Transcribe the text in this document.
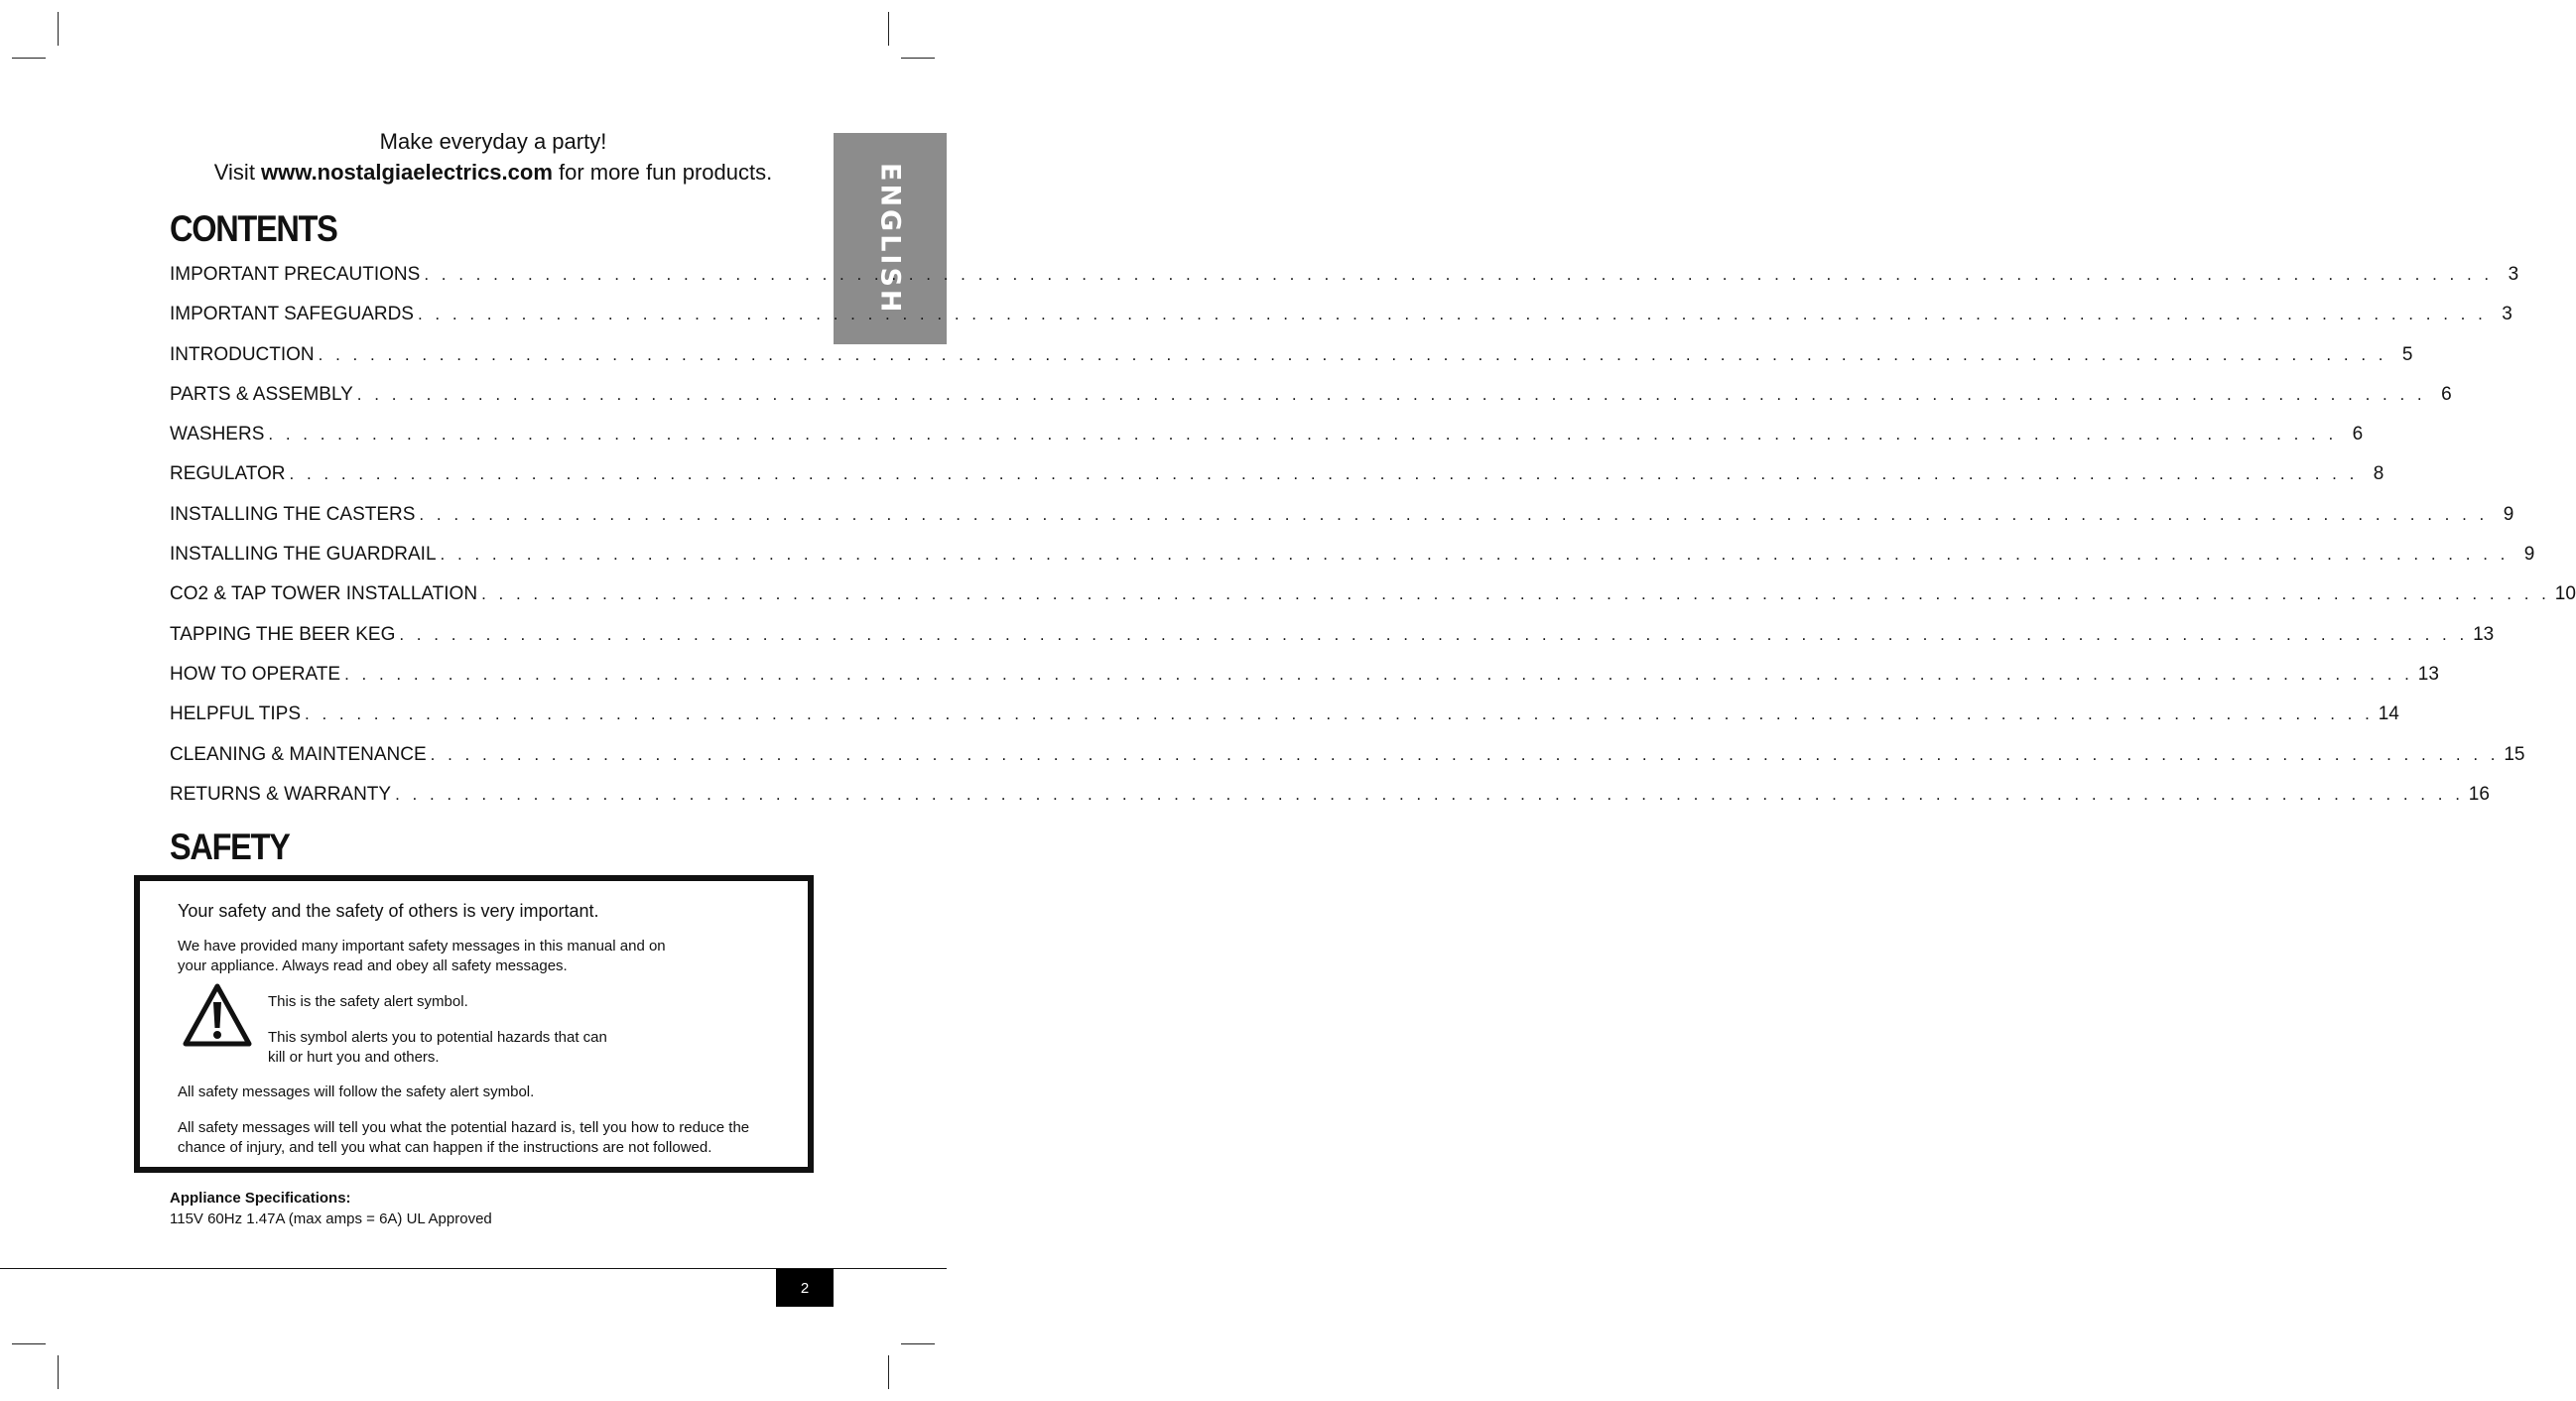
ENGLISH
Make everyday a party!
Visit www.nostalgiaelectrics.com for more fun products.
CONTENTS
IMPORTANT PRECAUTIONS . . . . . . . . . . . . . . . . . . . . . . . . . . . . . . . . . . . . . . . . . . . . . . . . . . . . . . . . . . . . . . . . . . . . . . . . . . . . . . . . . . . . . . . . . . . . . . . . . . . . . . . . . . . . . . . . . . . . . . . . 3
IMPORTANT SAFEGUARDS . . . . . . . . . . . . . . . . . . . . . . . . . . . . . . . . . . . . . . . . . . . . . . . . . . . . . . . . . . . . . . . . . . . . . . . . . . . . . . . . . . . . . . . . . . . . . . . . . . . . . . . . . . . . . . . . . . . . . . . . 3
INTRODUCTION . . . . . . . . . . . . . . . . . . . . . . . . . . . . . . . . . . . . . . . . . . . . . . . . . . . . . . . . . . . . . . . . . . . . . . . . . . . . . . . . . . . . . . . . . . . . . . . . . . . . . . . . . . . . . . . . . . . . . . . . 5
PARTS & ASSEMBLY . . . . . . . . . . . . . . . . . . . . . . . . . . . . . . . . . . . . . . . . . . . . . . . . . . . . . . . . . . . . . . . . . . . . . . . . . . . . . . . . . . . . . . . . . . . . . . . . . . . . . . . . . . . . . . . . . . . . . . . . 6
WASHERS . . . . . . . . . . . . . . . . . . . . . . . . . . . . . . . . . . . . . . . . . . . . . . . . . . . . . . . . . . . . . . . . . . . . . . . . . . . . . . . . . . . . . . . . . . . . . . . . . . . . . . . . . . . . . . . . . . . . . . . . 6
REGULATOR . . . . . . . . . . . . . . . . . . . . . . . . . . . . . . . . . . . . . . . . . . . . . . . . . . . . . . . . . . . . . . . . . . . . . . . . . . . . . . . . . . . . . . . . . . . . . . . . . . . . . . . . . . . . . . . . . . . . . . . . 8
INSTALLING THE CASTERS . . . . . . . . . . . . . . . . . . . . . . . . . . . . . . . . . . . . . . . . . . . . . . . . . . . . . . . . . . . . . . . . . . . . . . . . . . . . . . . . . . . . . . . . . . . . . . . . . . . . . . . . . . . . . . . . . . . . . . . . 9
INSTALLING THE GUARDRAIL . . . . . . . . . . . . . . . . . . . . . . . . . . . . . . . . . . . . . . . . . . . . . . . . . . . . . . . . . . . . . . . . . . . . . . . . . . . . . . . . . . . . . . . . . . . . . . . . . . . . . . . . . . . . . . . . . . . . . . . . 9
CO2 & TAP TOWER INSTALLATION . . . . . . . . . . . . . . . . . . . . . . . . . . . . . . . . . . . . . . . . . . . . . . . . . . . . . . . . . . . . . . . . . . . . . . . . . . . . . . . . . . . . . . . . . . . . . . . . . . . . . . . . . . . . . . . . . . . . . . . . 10
TAPPING THE BEER KEG . . . . . . . . . . . . . . . . . . . . . . . . . . . . . . . . . . . . . . . . . . . . . . . . . . . . . . . . . . . . . . . . . . . . . . . . . . . . . . . . . . . . . . . . . . . . . . . . . . . . . . . . . . . . . . . . . . . . . . . . 13
HOW TO OPERATE . . . . . . . . . . . . . . . . . . . . . . . . . . . . . . . . . . . . . . . . . . . . . . . . . . . . . . . . . . . . . . . . . . . . . . . . . . . . . . . . . . . . . . . . . . . . . . . . . . . . . . . . . . . . . . . . . . . . . . . . 13
HELPFUL TIPS . . . . . . . . . . . . . . . . . . . . . . . . . . . . . . . . . . . . . . . . . . . . . . . . . . . . . . . . . . . . . . . . . . . . . . . . . . . . . . . . . . . . . . . . . . . . . . . . . . . . . . . . . . . . . . . . . . . . . . . . 14
CLEANING & MAINTENANCE . . . . . . . . . . . . . . . . . . . . . . . . . . . . . . . . . . . . . . . . . . . . . . . . . . . . . . . . . . . . . . . . . . . . . . . . . . . . . . . . . . . . . . . . . . . . . . . . . . . . . . . . . . . . . . . . . . . . . . . . 15
RETURNS & WARRANTY . . . . . . . . . . . . . . . . . . . . . . . . . . . . . . . . . . . . . . . . . . . . . . . . . . . . . . . . . . . . . . . . . . . . . . . . . . . . . . . . . . . . . . . . . . . . . . . . . . . . . . . . . . . . . . . . . . . . . . . . 16
SAFETY
Your safety and the safety of others is very important.
We have provided many important safety messages in this manual and on your appliance. Always read and obey all safety messages.
This is the safety alert symbol.
This symbol alerts you to potential hazards that can kill or hurt you and others.
All safety messages will follow the safety alert symbol.
All safety messages will tell you what the potential hazard is, tell you how to reduce the chance of injury, and tell you what can happen if the instructions are not followed.
Appliance Specifications:
115V 60Hz 1.47A (max amps = 6A) UL Approved
2
